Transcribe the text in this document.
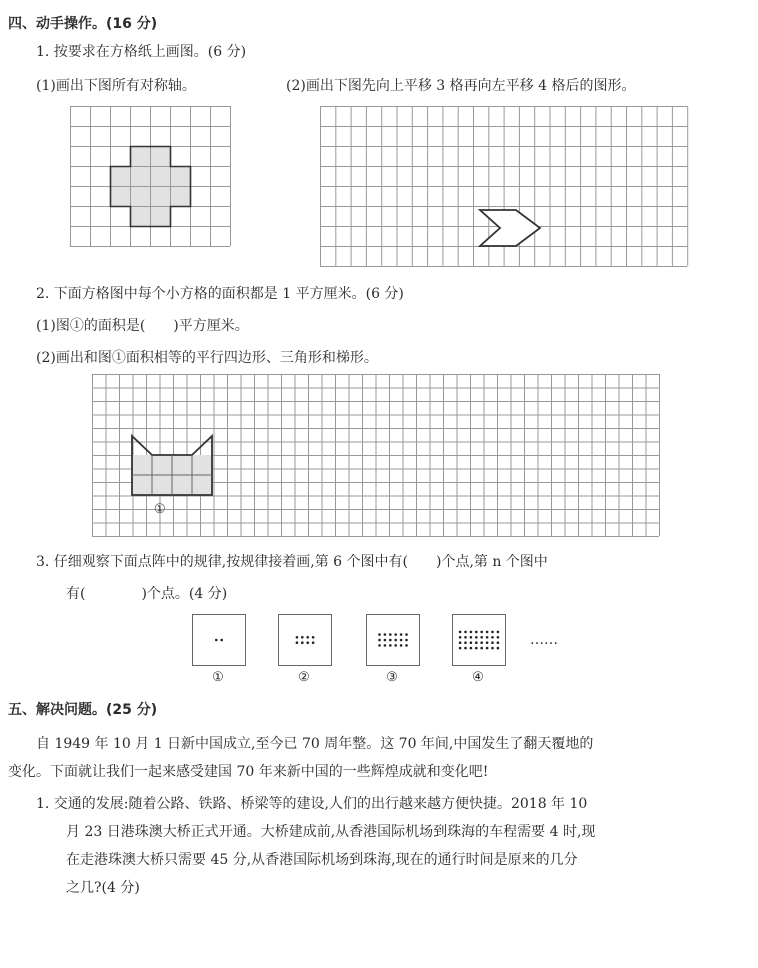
四、动手操作。(16 分)
1. 按要求在方格纸上画图。(6 分)
(1)画出下图所有对称轴。	(2)画出下图先向上平移 3 格再向左平移 4 格后的图形。
2. 下面方格图中每个小方格的面积都是 1 平方厘米。(6 分)
(1)图①的面积是(　　)平方厘米。
(2)画出和图①面积相等的平行四边形、三角形和梯形。
①
3. 仔细观察下面点阵中的规律,按规律接着画,第 6 个图中有(　　)个点,第 n 个图中
有(　　　　)个点。(4 分)
①	②	③	④
……
五、解决问题。(25 分)
自 1949 年 10 月 1 日新中国成立,至今已 70 周年整。这 70 年间,中国发生了翻天覆地的
变化。下面就让我们一起来感受建国 70 年来新中国的一些辉煌成就和变化吧!
1. 交通的发展:随着公路、铁路、桥梁等的建设,人们的出行越来越方便快捷。2018 年 10
月 23 日港珠澳大桥正式开通。大桥建成前,从香港国际机场到珠海的车程需要 4 时,现
在走港珠澳大桥只需要 45 分,从香港国际机场到珠海,现在的通行时间是原来的几分
之几?(4 分)
